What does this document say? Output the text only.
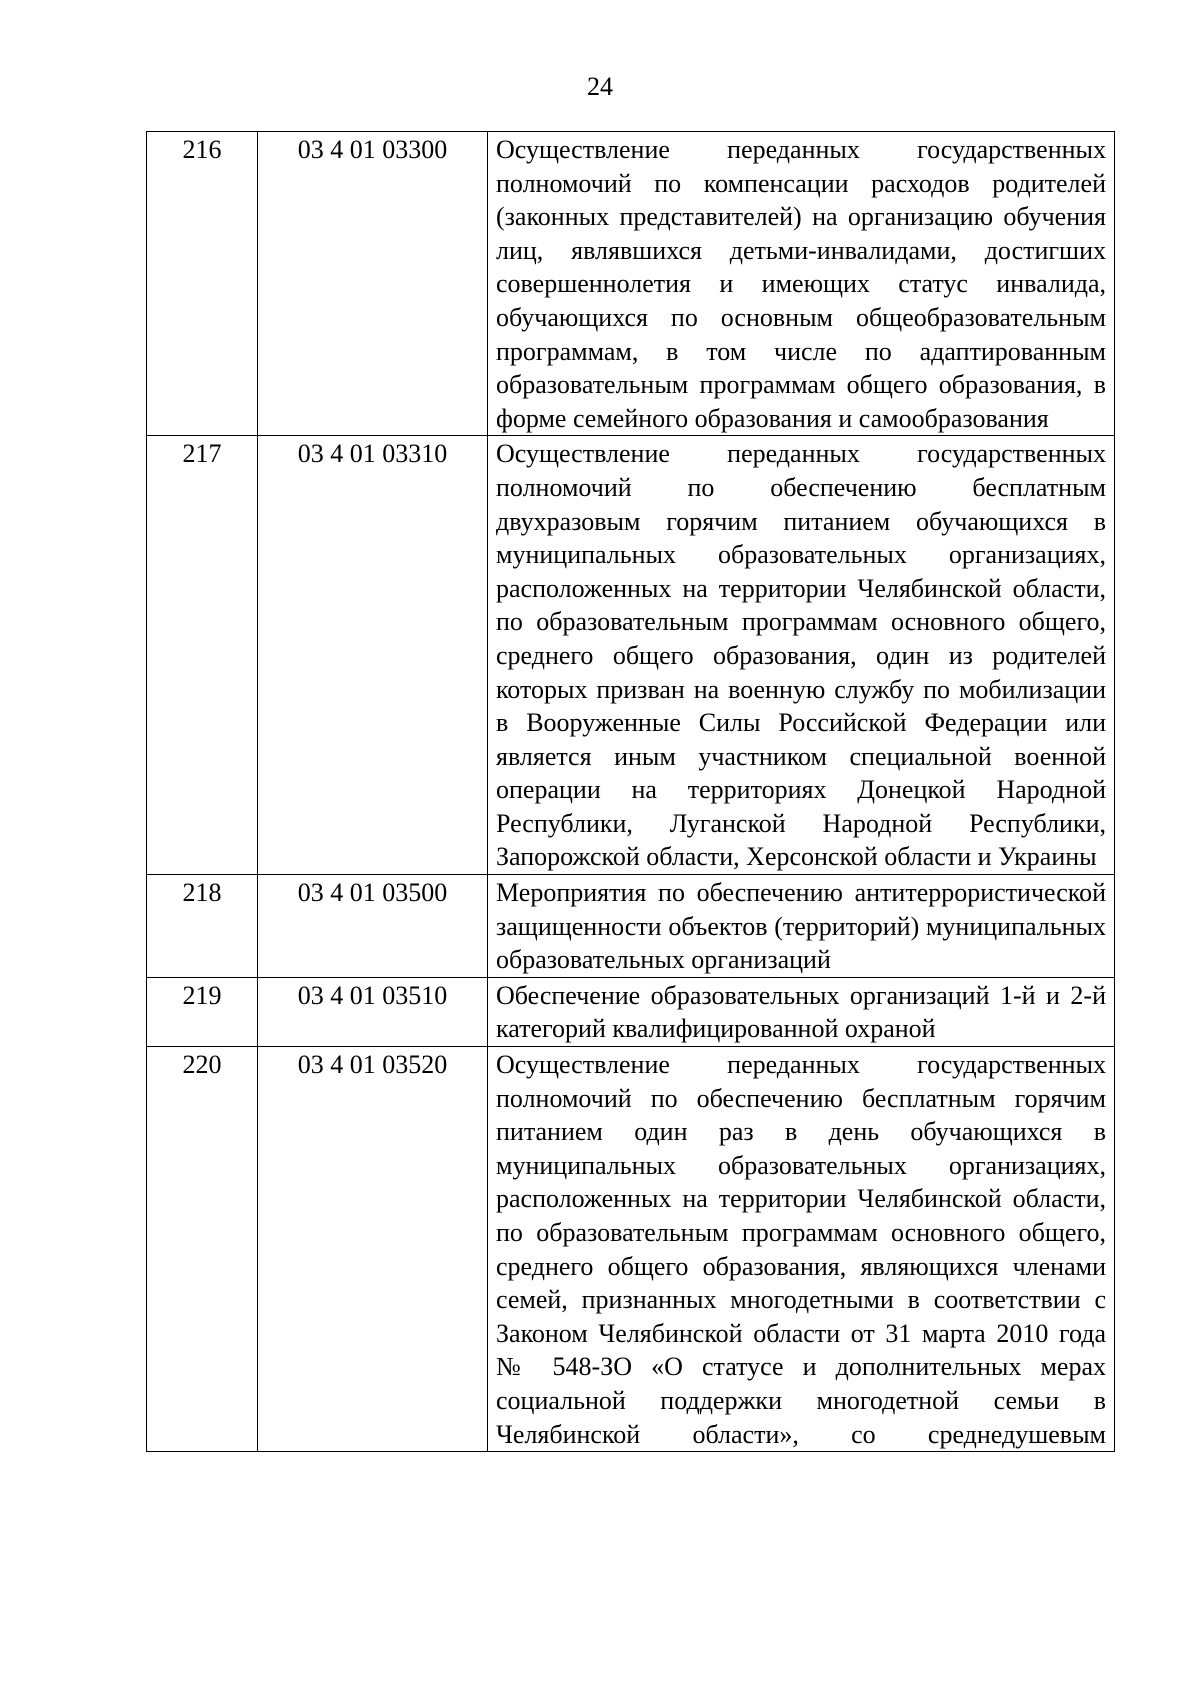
24
216	03 4 01 03300	Осуществление переданных государственных полномочий по компенсации расходов родителей (законных представителей) на организацию обучения лиц, являвшихся детьми-инвалидами, достигших совершеннолетия и имеющих статус инвалида, обучающихся по основным общеобразовательным программам, в том числе по адаптированным образовательным программам общего образования, в форме семейного образования и самообразования
217	03 4 01 03310	Осуществление переданных государственных полномочий по обеспечению бесплатным двухразовым горячим питанием обучающихся в муниципальных образовательных организациях, расположенных на территории Челябинской области, по образовательным программам основного общего, среднего общего образования, один из родителей которых призван на военную службу по мобилизации в Вооруженные Силы Российской Федерации или является иным участником специальной военной операции на территориях Донецкой Народной Республики, Луганской Народной Республики, Запорожской области, Херсонской области и Украины
218	03 4 01 03500	Мероприятия по обеспечению антитеррористической защищенности объектов (территорий) муниципальных образовательных организаций
219	03 4 01 03510	Обеспечение образовательных организаций 1-й и 2-й категорий квалифицированной охраной
220	03 4 01 03520	Осуществление переданных государственных полномочий по обеспечению бесплатным горячим питанием один раз в день обучающихся в муниципальных образовательных организациях, расположенных на территории Челябинской области, по образовательным программам основного общего, среднего общего образования, являющихся членами семей, признанных многодетными в соответствии с Законом Челябинской области от 31 марта 2010 года № 548-ЗО «О статусе и дополнительных мерах социальной поддержки многодетной семьи в Челябинской области», со среднедушевым
